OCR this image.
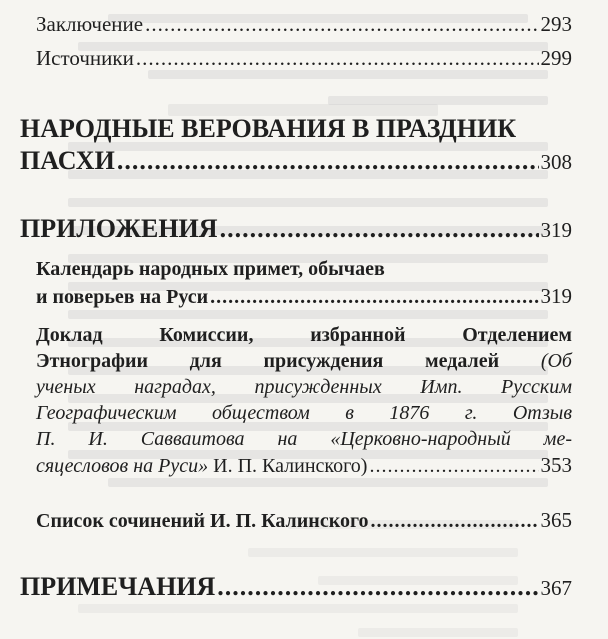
Заключение .....	293
Источники .....	299
НАРОДНЫЕ ВЕРОВАНИЯ В ПРАЗДНИК
ПАСХИ .....	308
ПРИЛОЖЕНИЯ .....	319
Календарь народных примет, обычаев
и поверьев на Руси .....	319
Доклад Комиссии, избранной Отделением
Этнографии для присуждения медалей (Об
ученых наградах, присужденных Имп. Русским
Географическим обществом в 1876 г. Отзыв
П. И. Савваитова на «Церковно-народный ме-
сяцесловов на Руси»
И. П. Калинского) .....	353
Список сочинений И. П. Калинского .....	365
ПРИМЕЧАНИЯ .....	367
